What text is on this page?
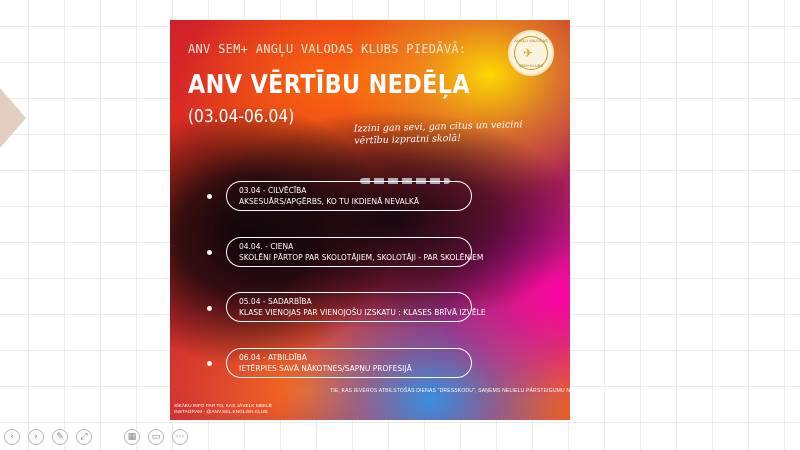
ANV SEM+ ANGĻU VALODAS KLUBS PIEDĀVĀ:
ANGĻU VALODAS
✈
SEM+KLUBS
ANV VĒRTĪBU NEDĒĻA
(03.04-06.04)	Izzini gan sevi, gan citus un veicini
vērtību izpratni skolā!
03.04 - CILVĒCĪBA
AKSESUĀRS/APĢĒRBS, KO TU IKDIENĀ NEVALKĀ
04.04. - CIEŅA
SKOLĒNI PĀRTOP PAR SKOLOTĀJIEM, SKOLOTĀJI - PAR SKOLĒNIEM
05.04 - SADARBĪBA
KLASE VIENOJAS PAR VIENOJOŠU IZSKATU : KLASES BRĪVĀ IZVĒLE
06.04 - ATBILDĪBA
IETĒRPIES SAVĀ NĀKOTNES/SAPŅU PROFESIJĀ
TIE, KAS IEVĒROS ATBILSTOŠĀS DIENAS "DRESSKODU", SAŅEMS NELIELU PĀRSTEIGUMU NO MŪSU KLUBIŅA :)
SĪKĀKU INFO PAR TO, KAS JĀVELK MEKLĒ
INSTAGRAM - @ANV.SEL.ENGLISH.CLUB
‹	›	✎	⤢	▦	▭	⋯
